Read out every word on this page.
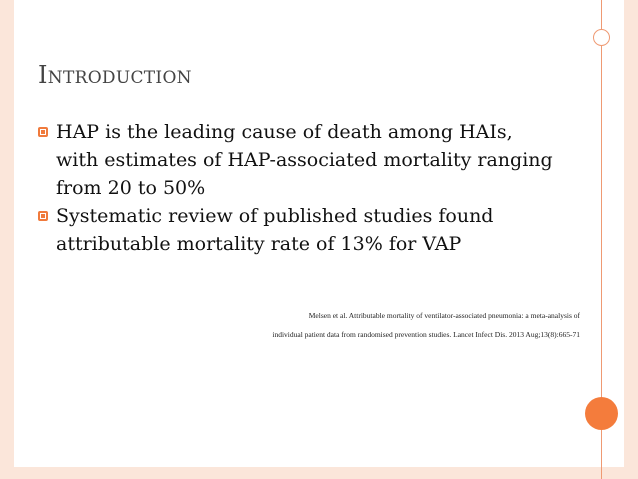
Introduction
HAP is the leading cause of death among HAIs, with estimates of HAP-associated mortality ranging from 20 to 50%
Systematic review of published studies found attributable mortality rate of 13% for VAP

Melsen et al. Attributable mortality of ventilator-associated pneumonia: a meta-analysis of
individual patient data from randomised prevention studies. Lancet Infect Dis. 2013 Aug;13(8):665-71
